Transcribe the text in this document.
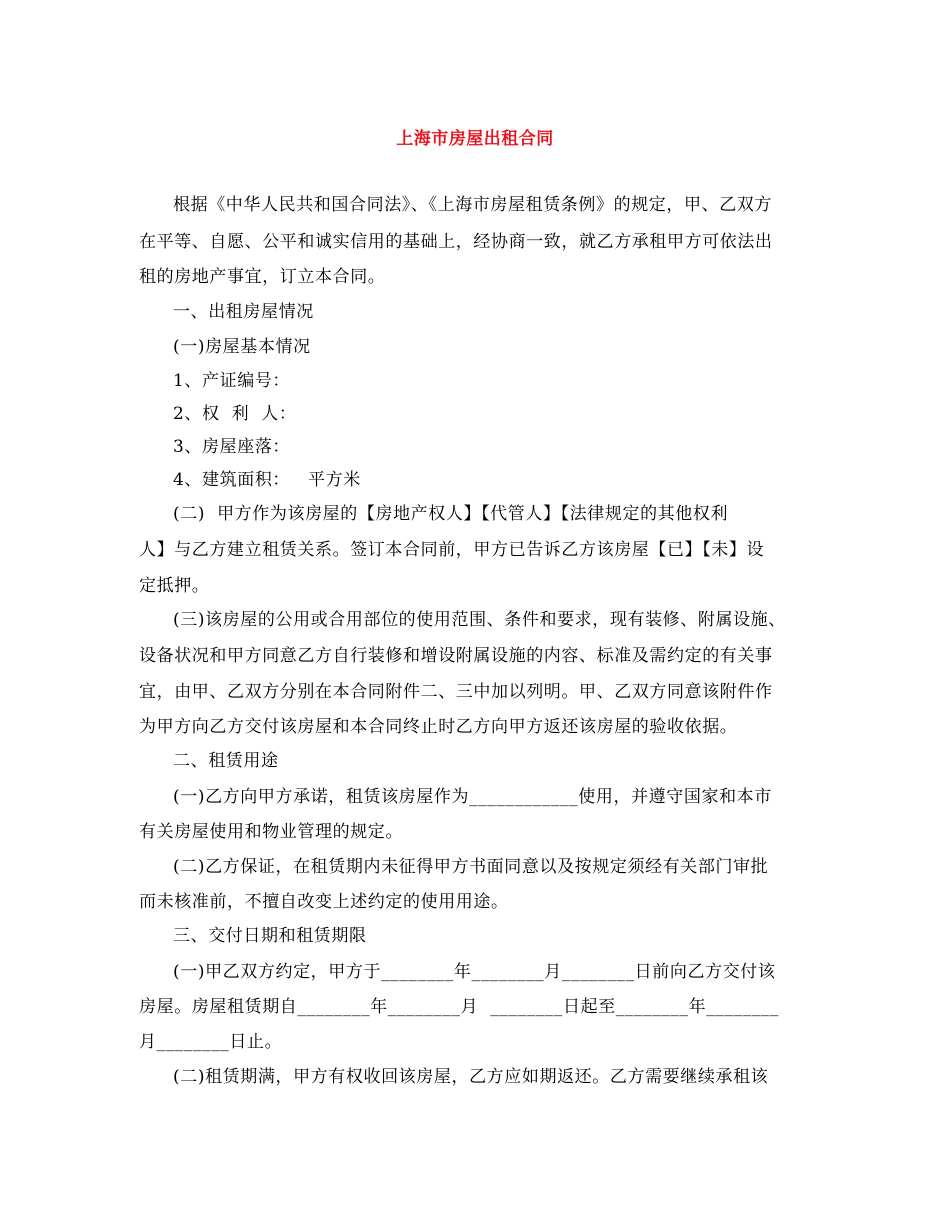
上海市房屋出租合同
根据《中华人民共和国合同法》、《上海市房屋租赁条例》的规定，甲、乙双方
在平等、自愿、公平和诚实信用的基础上，经协商一致，就乙方承租甲方可依法出
租的房地产事宜，订立本合同。
一、出租房屋情况
(一)房屋基本情况
1、产证编号：
2、权  利  人：
3、房屋座落：
4、建筑面积：   平方米
(二)  甲方作为该房屋的【房地产权人】【代管人】【法律规定的其他权利
人】与乙方建立租赁关系。签订本合同前，甲方已告诉乙方该房屋【已】【未】设
定抵押。
(三)该房屋的公用或合用部位的使用范围、条件和要求，现有装修、附属设施、
设备状况和甲方同意乙方自行装修和增设附属设施的内容、标准及需约定的有关事
宜，由甲、乙双方分别在本合同附件二、三中加以列明。甲、乙双方同意该附件作
为甲方向乙方交付该房屋和本合同终止时乙方向甲方返还该房屋的验收依据。
二、租赁用途
(一)乙方向甲方承诺，租赁该房屋作为____________使用，并遵守国家和本市
有关房屋使用和物业管理的规定。
(二)乙方保证，在租赁期内未征得甲方书面同意以及按规定须经有关部门审批
而未核准前，不擅自改变上述约定的使用用途。
三、交付日期和租赁期限
(一)甲乙双方约定，甲方于________年________月________日前向乙方交付该
房屋。房屋租赁期自________年________月  ________日起至________年________
月________日止。
(二)租赁期满，甲方有权收回该房屋，乙方应如期返还。乙方需要继续承租该
